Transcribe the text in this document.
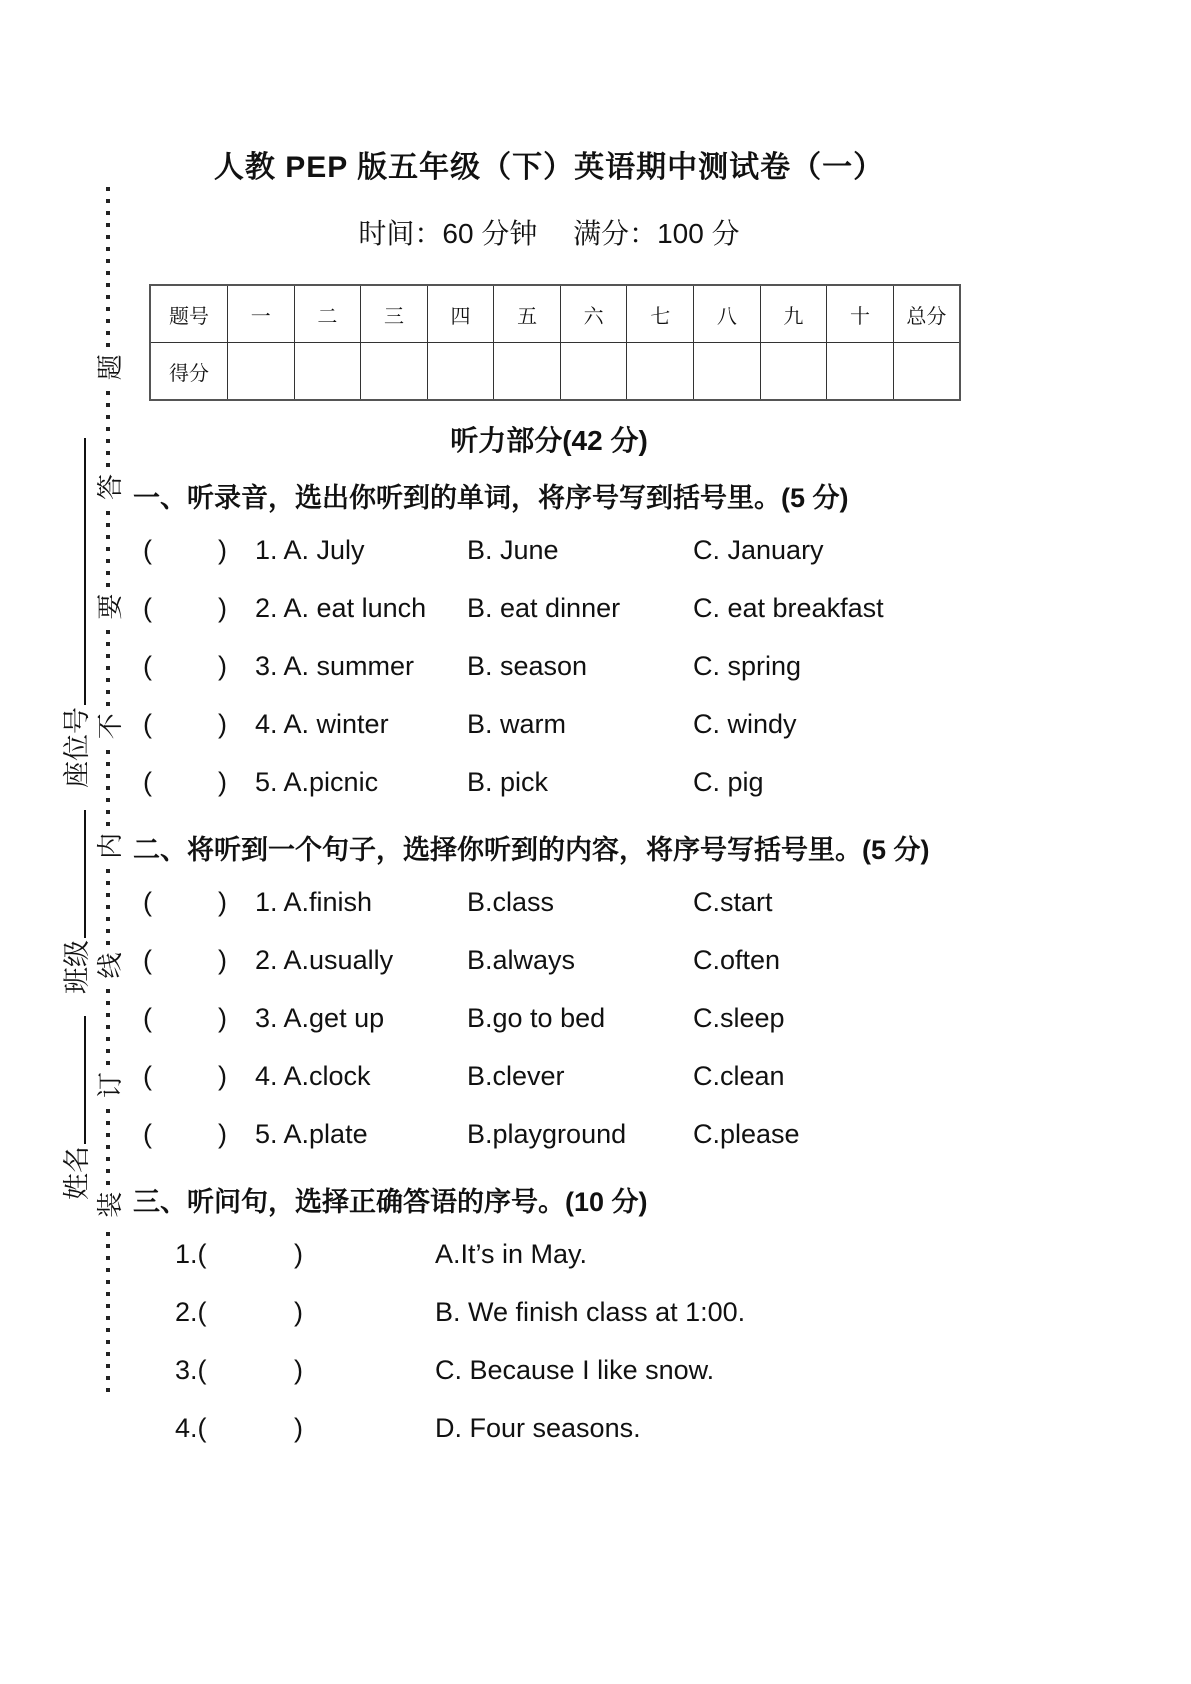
装
订
线
内
不
要
答
题
姓名
班级
座位号
人教 PEP 版五年级（下）英语期中测试卷（一）
时间：60 分钟　 满分：100 分
题号	一	二	三	四	五	六	七	八	九	十	总分
得分											
听力部分(42 分)
一、听录音，选出你听到的单词，将序号写到括号里。(5 分)
( ) 1. A. July	B. June	C. January
( ) 2. A. eat lunch	B. eat dinner	C. eat breakfast
( ) 3. A. summer	B. season	C. spring
( ) 4. A. winter	B. warm	C. windy
( ) 5. A.picnic	B. pick	C. pig
二、将听到一个句子，选择你听到的内容，将序号写括号里。(5 分)
( ) 1. A.finish	B.class	C.start
( ) 2. A.usually	B.always	C.often
( ) 3. A.get up	B.go to bed	C.sleep
( ) 4. A.clock	B.clever	C.clean
( ) 5. A.plate	B.playground	C.please
三、听问句，选择正确答语的序号。(10 分)
1.(	)	A.It’s in May.
2.(	)	B. We finish class at 1:00.
3.(	)	C. Because I like snow.
4.(	)	D. Four seasons.
